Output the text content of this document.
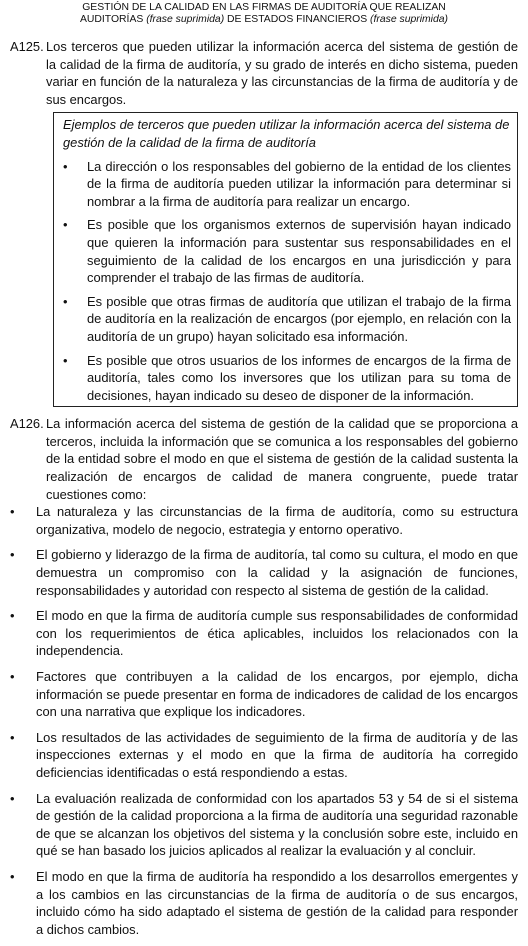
GESTIÓN DE LA CALIDAD EN LAS FIRMAS DE AUDITORÍA QUE REALIZAN
AUDITORÍAS (frase suprimida) DE ESTADOS FINANCIEROS (frase suprimida)
A125. Los terceros que pueden utilizar la información acerca del sistema de gestión de la calidad de la firma de auditoría, y su grado de interés en dicho sistema, pueden variar en función de la naturaleza y las circunstancias de la firma de auditoría y de sus encargos.
Ejemplos de terceros que pueden utilizar la información acerca del sistema de gestión de la calidad de la firma de auditoría
•	La dirección o los responsables del gobierno de la entidad de los clientes de la firma de auditoría pueden utilizar la información para determinar si nombrar a la firma de auditoría para realizar un encargo.
•	Es posible que los organismos externos de supervisión hayan indicado que quieren la información para sustentar sus responsabilidades en el seguimiento de la calidad de los encargos en una jurisdicción y para comprender el trabajo de las firmas de auditoría.
•	Es posible que otras firmas de auditoría que utilizan el trabajo de la firma de auditoría en la realización de encargos (por ejemplo, en relación con la auditoría de un grupo) hayan solicitado esa información.
•	Es posible que otros usuarios de los informes de encargos de la firma de auditoría, tales como los inversores que los utilizan para su toma de decisiones, hayan indicado su deseo de disponer de la información.
A126. La información acerca del sistema de gestión de la calidad que se proporciona a terceros, incluida la información que se comunica a los responsables del gobierno de la entidad sobre el modo en que el sistema de gestión de la calidad sustenta la realización de encargos de calidad de manera congruente, puede tratar cuestiones como:
•	La naturaleza y las circunstancias de la firma de auditoría, como su estructura organizativa, modelo de negocio, estrategia y entorno operativo.
•	El gobierno y liderazgo de la firma de auditoría, tal como su cultura, el modo en que demuestra un compromiso con la calidad y la asignación de funciones, responsabilidades y autoridad con respecto al sistema de gestión de la calidad.
•	El modo en que la firma de auditoría cumple sus responsabilidades de conformidad con los requerimientos de ética aplicables, incluidos los relacionados con la independencia.
•	Factores que contribuyen a la calidad de los encargos, por ejemplo, dicha información se puede presentar en forma de indicadores de calidad de los encargos con una narrativa que explique los indicadores.
•	Los resultados de las actividades de seguimiento de la firma de auditoría y de las inspecciones externas y el modo en que la firma de auditoría ha corregido deficiencias identificadas o está respondiendo a estas.
•	La evaluación realizada de conformidad con los apartados 53 y 54 de si el sistema de gestión de la calidad proporciona a la firma de auditoría una seguridad razonable de que se alcanzan los objetivos del sistema y la conclusión sobre este, incluido en qué se han basado los juicios aplicados al realizar la evaluación y al concluir.
•	El modo en que la firma de auditoría ha respondido a los desarrollos emergentes y a los cambios en las circunstancias de la firma de auditoría o de sus encargos, incluido cómo ha sido adaptado el sistema de gestión de la calidad para responder a dichos cambios.
